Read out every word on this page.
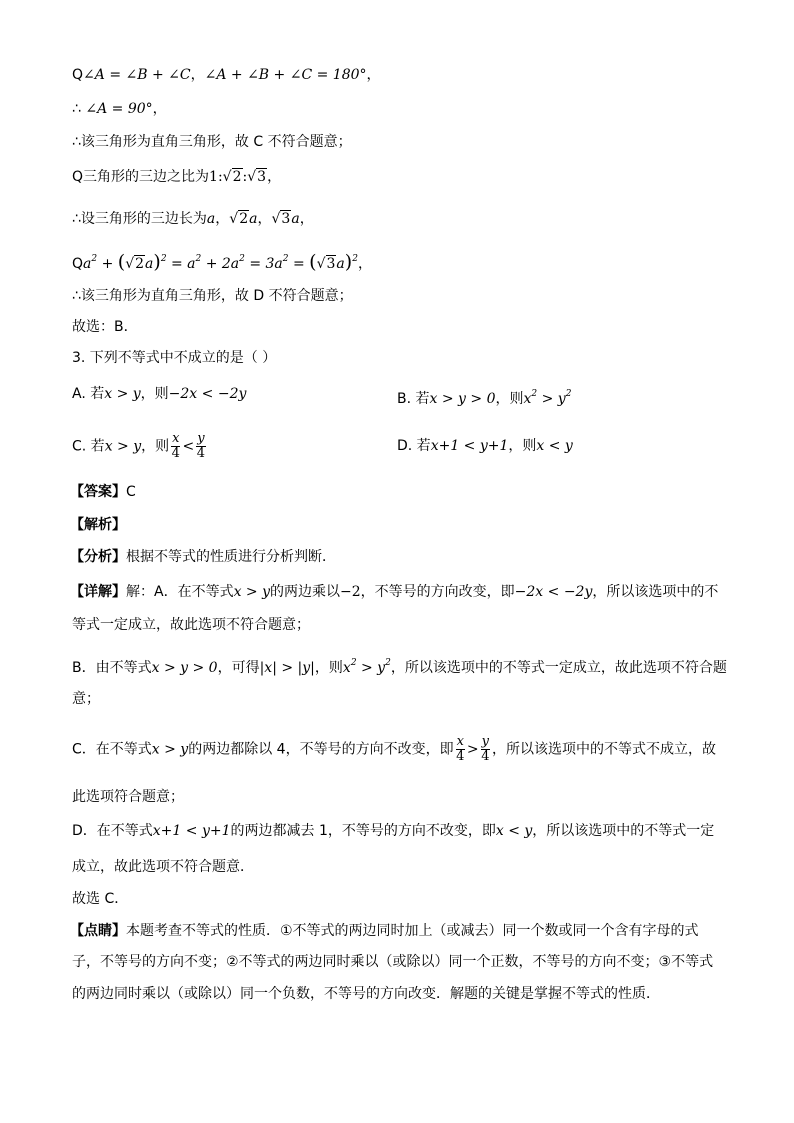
Q∠A = ∠B + ∠C，∠A + ∠B + ∠C = 180°，
∴ ∠A = 90°，
∴该三角形为直角三角形，故 C 不符合题意；
Q三角形的三边之比为1:√2:√3，
∴设三角形的三边长为a，√2a，√3a，
$Qa^2 + (√2a)^2 = a^2 + 2a^2 = 3a^2 = (√3a)^2$，
∴该三角形为直角三角形，故 D 不符合题意；
故选：B．
3. 下列不等式中不成立的是（ ）
A. 若x > y，则−2x < −2y	B. 若x > y > 0，则$x^2 > y^2$
C. 若x > y，则 $\frac{x}{4} < \frac{y}{4}$	D. 若x+1 < y+1，则x < y
【答案】C
【解析】
【分析】根据不等式的性质进行分析判断．
【详解】解：A．在不等式x > y的两边乘以−2，不等号的方向改变，即−2x < −2y，所以该选项中的不
等式一定成立，故此选项不符合题意；
B．由不等式x > y > 0，可得|x| > |y|，则$x^2 > y^2$，所以该选项中的不等式一定成立，故此选项不符合题
意；
C．在不等式x > y的两边都除以 4，不等号的方向不改变，即 $\frac{x}{4} > \frac{y}{4}$ ，所以该选项中的不等式不成立，故
此选项符合题意；
D．在不等式x+1 < y+1的两边都减去 1，不等号的方向不改变，即x < y，所以该选项中的不等式一定
成立，故此选项不符合题意．
故选 C．
【点睛】本题考查不等式的性质．①不等式的两边同时加上（或减去）同一个数或同一个含有字母的式
子，不等号的方向不变；②不等式的两边同时乘以（或除以）同一个正数，不等号的方向不变；③不等式
的两边同时乘以（或除以）同一个负数，不等号的方向改变．解题的关键是掌握不等式的性质．
